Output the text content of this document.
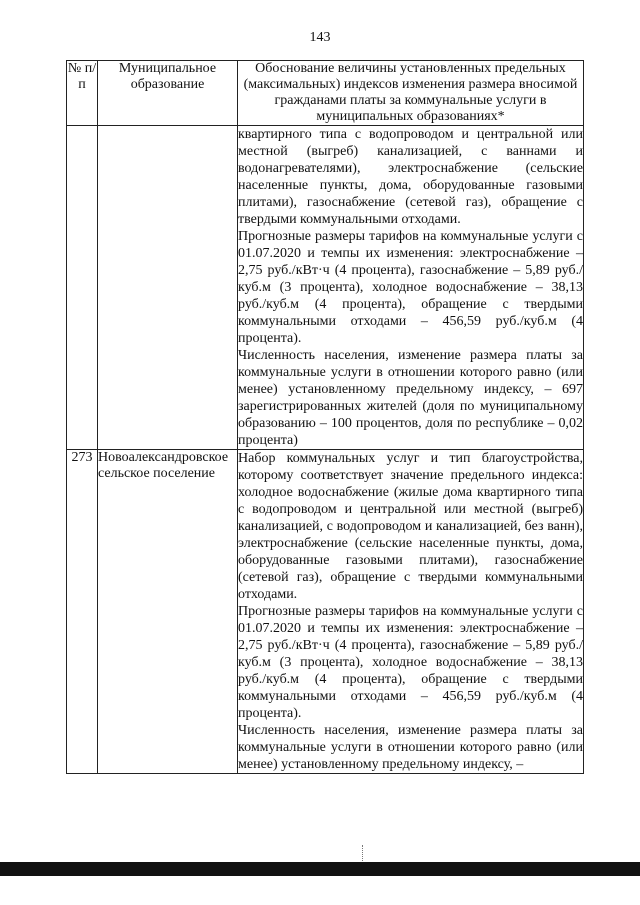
143
№ п/п	Муниципальное образование	Обоснование величины установленных предельных (максимальных) индексов изменения размера вносимой гражданами платы за коммунальные услуги в муниципальных образованиях*

		квартирного типа с водопроводом и центральной или местной (выгреб) канализацией, с ваннами и водонагревателями), электроснабжение (сельские населенные пункты, дома, оборудованные газовыми плитами), газоснабжение (сетевой газ), обращение с твердыми коммунальными отходами.

Прогнозные размеры тарифов на коммунальные услуги с 01.07.2020 и темпы их изменения: электроснабжение – 2,75 руб./кВт·ч (4 процента), газоснабжение – 5,89 руб./куб.м (3 процента), холодное водоснабжение – 38,13 руб./куб.м (4 процента), обращение с твердыми коммунальными отходами – 456,59 руб./куб.м (4 процента).

Численность населения, изменение размера платы за коммунальные услуги в отношении которого равно (или менее) установленному предельному индексу, – 697 зарегистрированных жителей (доля по муниципальному образованию – 100 процентов, доля по республике – 0,02 процента)

273	Новоалександровское сельское поселение	Набор коммунальных услуг и тип благоустройства, которому соответствует значение предельного индекса: холодное водоснабжение (жилые дома квартирного типа с водопроводом и центральной или местной (выгреб) канализацией, с водопроводом и канализацией, без ванн), электроснабжение (сельские населенные пункты, дома, оборудованные газовыми плитами), газоснабжение (сетевой газ), обращение с твердыми коммунальными отходами.

Прогнозные размеры тарифов на коммунальные услуги с 01.07.2020 и темпы их изменения: электроснабжение – 2,75 руб./кВт·ч (4 процента), газоснабжение – 5,89 руб./куб.м (3 процента), холодное водоснабжение – 38,13 руб./куб.м (4 процента), обращение с твердыми коммунальными отходами – 456,59 руб./куб.м (4 процента).

Численность населения, изменение размера платы за коммунальные услуги в отношении которого равно (или менее) установленному предельному индексу, –
